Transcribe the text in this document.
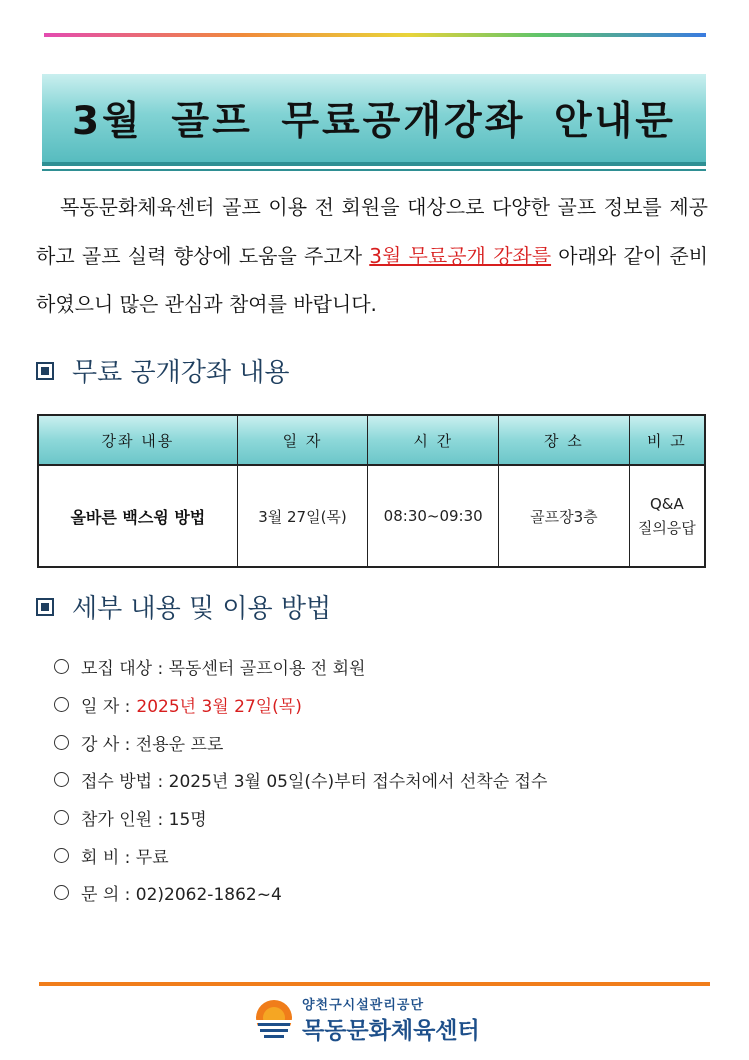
3월 골프 무료공개강좌 안내문

목동문화체육센터 골프 이용 전 회원을 대상으로 다양한 골프 정보를 제공하고 골프 실력 향상에 도움을 주고자 3월 무료공개 강좌를 아래와 같이 준비 하였으니 많은 관심과 참여를 바랍니다.

무료 공개강좌 내용
강좌 내용	일 자	시 간	장 소	비 고
올바른 백스윙 방법	3월 27일(목)	08:30~09:30	골프장3층	Q&A
질의응답
세부 내용 및 이용 방법
모집 대상 : 목동센터 골프이용 전 회원
일 자 : 2025년 3월 27일(목)
강 사 : 전용운 프로
접수 방법 : 2025년 3월 05일(수)부터 접수처에서 선착순 접수
참가 인원 : 15명
회 비 : 무료
문 의 : 02)2062-1862~4
양천구시설관리공단
목동문화체육센터
